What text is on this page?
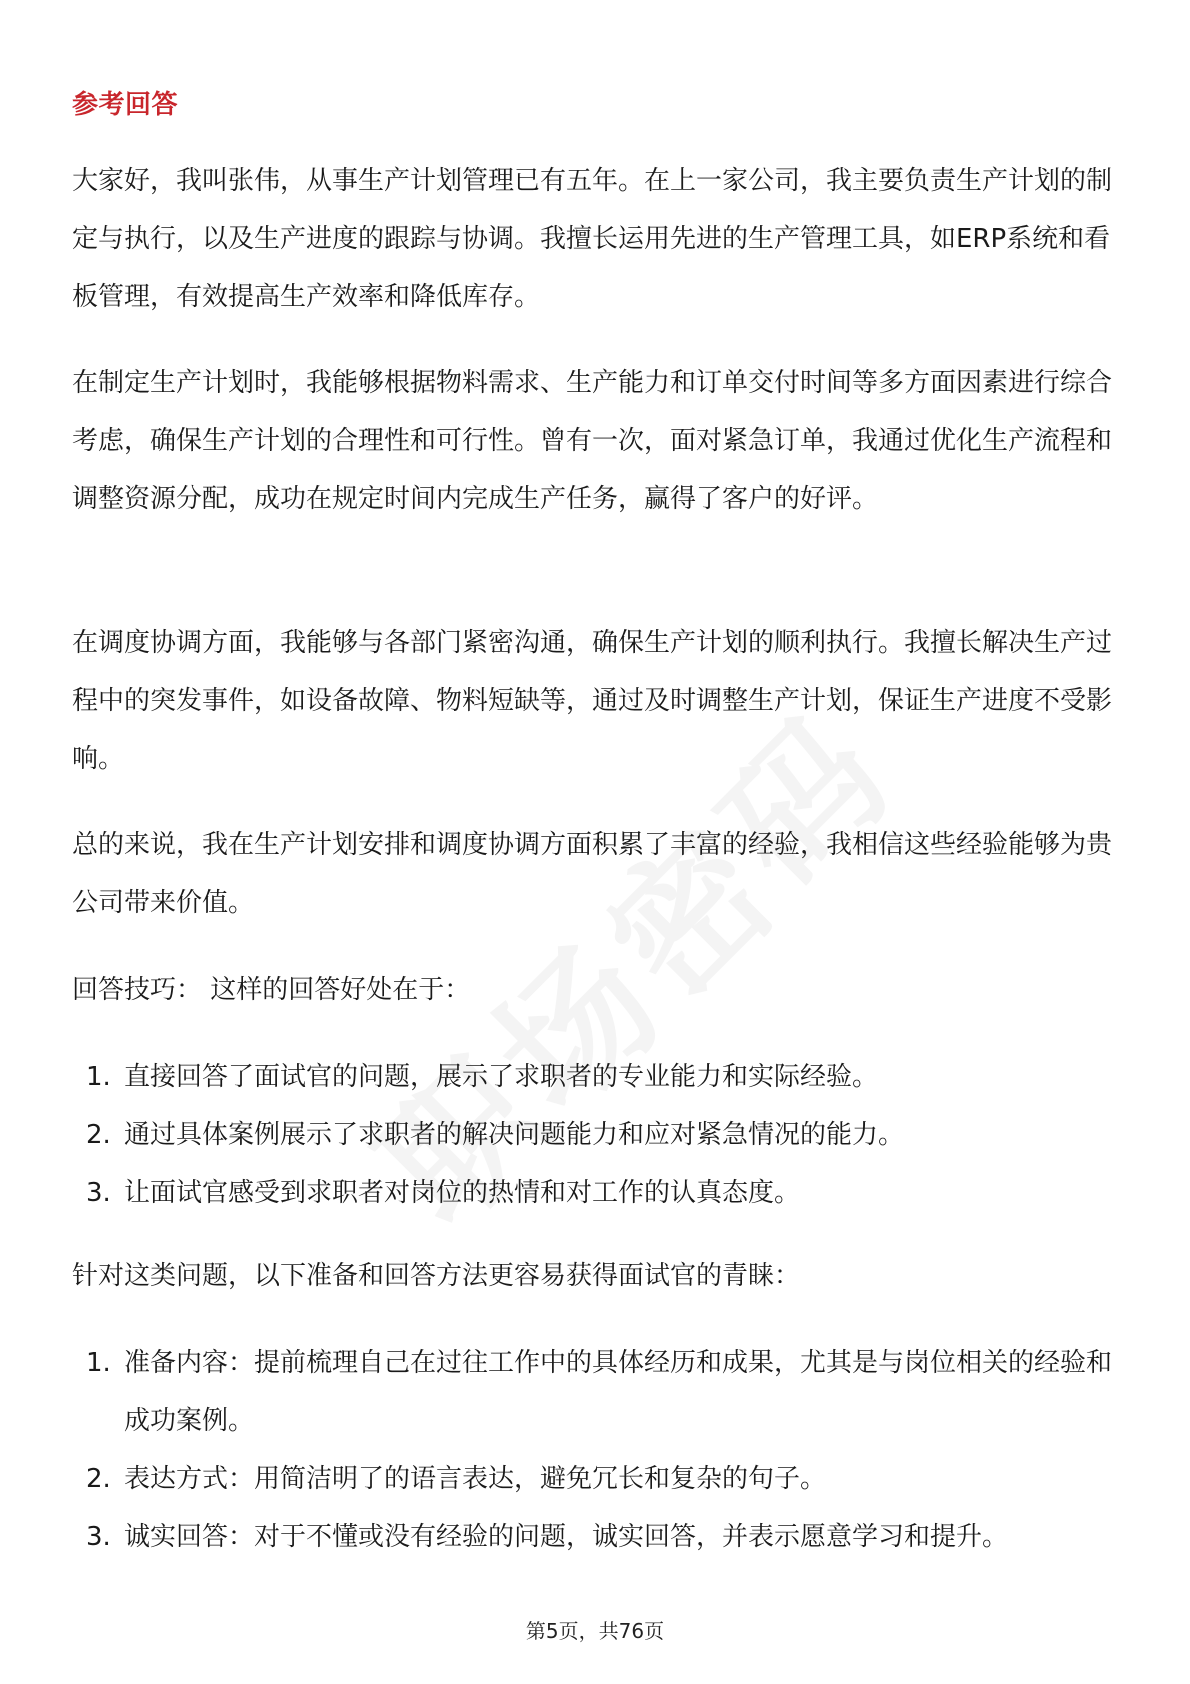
参考回答

大家好，我叫张伟，从事生产计划管理已有五年。在上一家公司，我主要负责生产计划的制定与执行，以及生产进度的跟踪与协调。我擅长运用先进的生产管理工具，如ERP系统和看板管理，有效提高生产效率和降低库存。

在制定生产计划时，我能够根据物料需求、生产能力和订单交付时间等多方面因素进行综合考虑，确保生产计划的合理性和可行性。曾有一次，面对紧急订单，我通过优化生产流程和调整资源分配，成功在规定时间内完成生产任务，赢得了客户的好评。

在调度协调方面，我能够与各部门紧密沟通，确保生产计划的顺利执行。我擅长解决生产过程中的突发事件，如设备故障、物料短缺等，通过及时调整生产计划，保证生产进度不受影响。

总的来说，我在生产计划安排和调度协调方面积累了丰富的经验，我相信这些经验能够为贵公司带来价值。

回答技巧： 这样的回答好处在于：

1. 直接回答了面试官的问题，展示了求职者的专业能力和实际经验。
2. 通过具体案例展示了求职者的解决问题能力和应对紧急情况的能力。
3. 让面试官感受到求职者对岗位的热情和对工作的认真态度。

针对这类问题，以下准备和回答方法更容易获得面试官的青睐：

1. 准备内容：提前梳理自己在过往工作中的具体经历和成果，尤其是与岗位相关的经验和成功案例。
2. 表达方式：用简洁明了的语言表达，避免冗长和复杂的句子。
3. 诚实回答：对于不懂或没有经验的问题，诚实回答，并表示愿意学习和提升。
第5页，共76页
